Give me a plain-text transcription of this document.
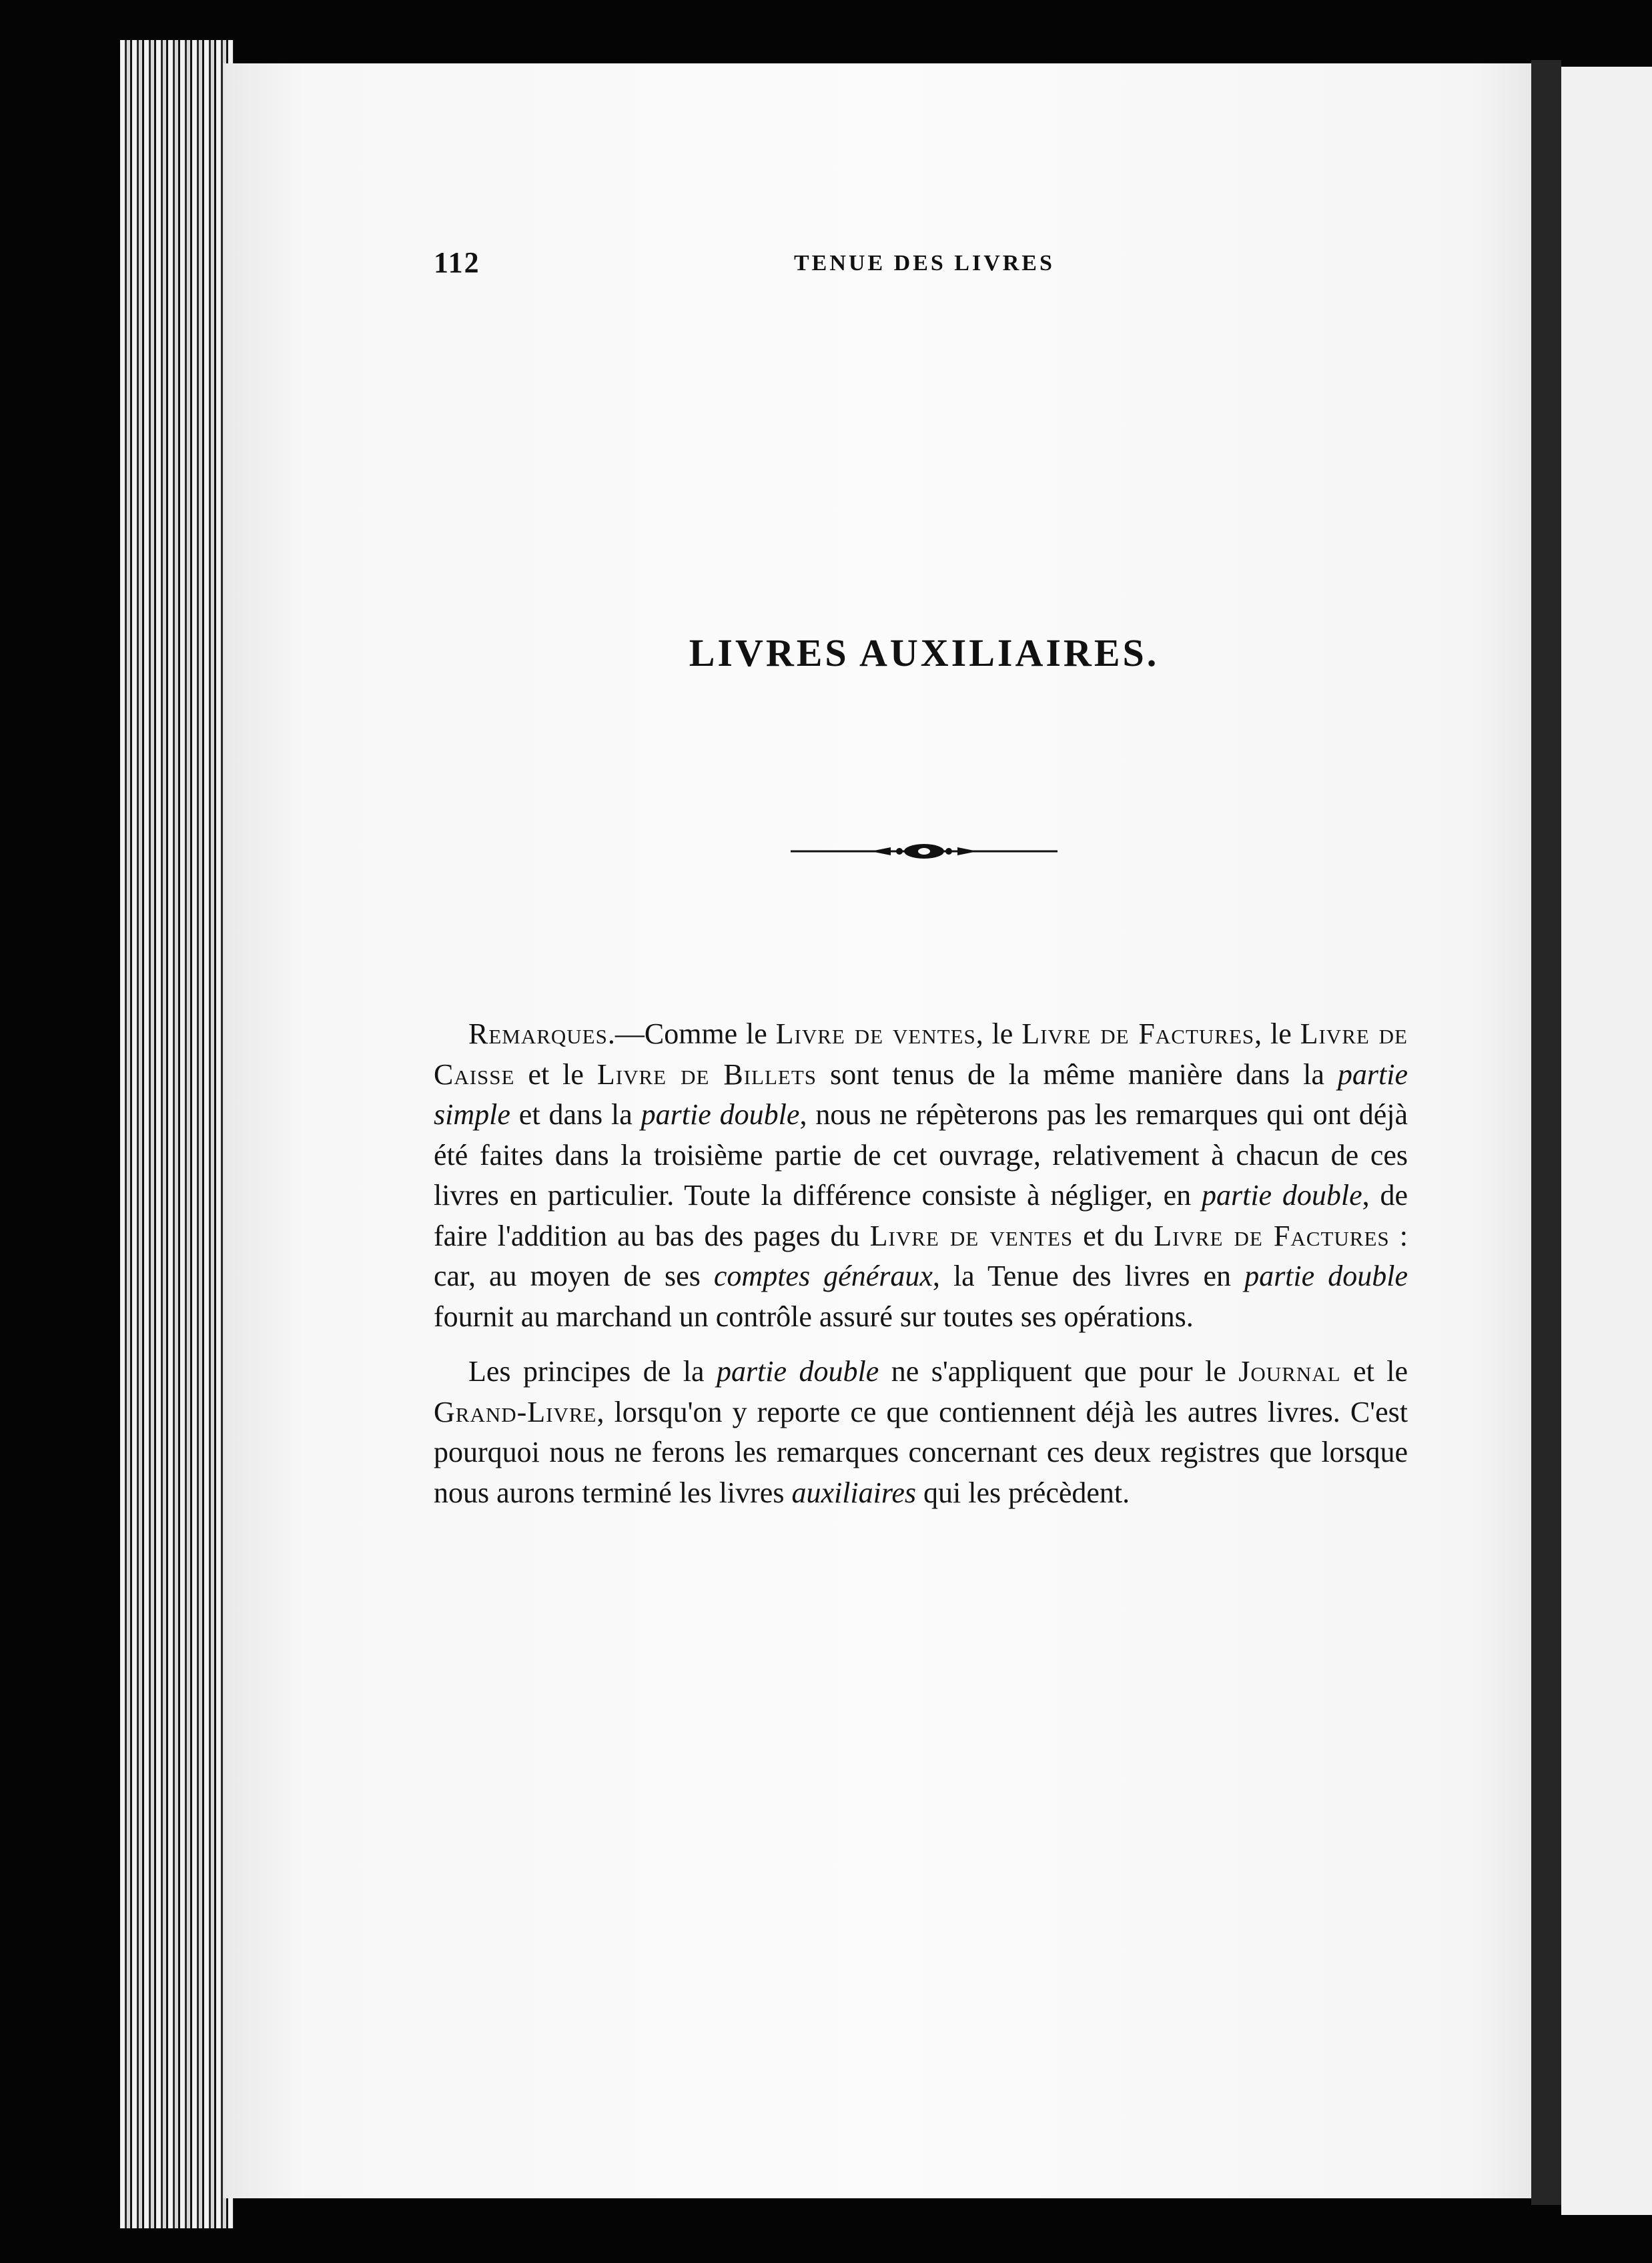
112	TENUE DES LIVRES
LIVRES AUXILIAIRES.

Remarques.—Comme le Livre de ventes, le Livre de Factures, le Livre de Caisse et le Livre de Billets sont tenus de la même manière dans la partie simple et dans la partie double, nous ne répèterons pas les remarques qui ont déjà été faites dans la troisième partie de cet ouvrage, relativement à chacun de ces livres en particulier. Toute la différence consiste à négliger, en partie double, de faire l'addition au bas des pages du Livre de ventes et du Livre de Factures : car, au moyen de ses comptes généraux, la Tenue des livres en partie double fournit au marchand un contrôle assuré sur toutes ses opérations.

Les principes de la partie double ne s'appliquent que pour le Journal et le Grand-Livre, lorsqu'on y reporte ce que contiennent déjà les autres livres. C'est pourquoi nous ne ferons les remarques concernant ces deux registres que lorsque nous aurons terminé les livres auxiliaires qui les précèdent.
